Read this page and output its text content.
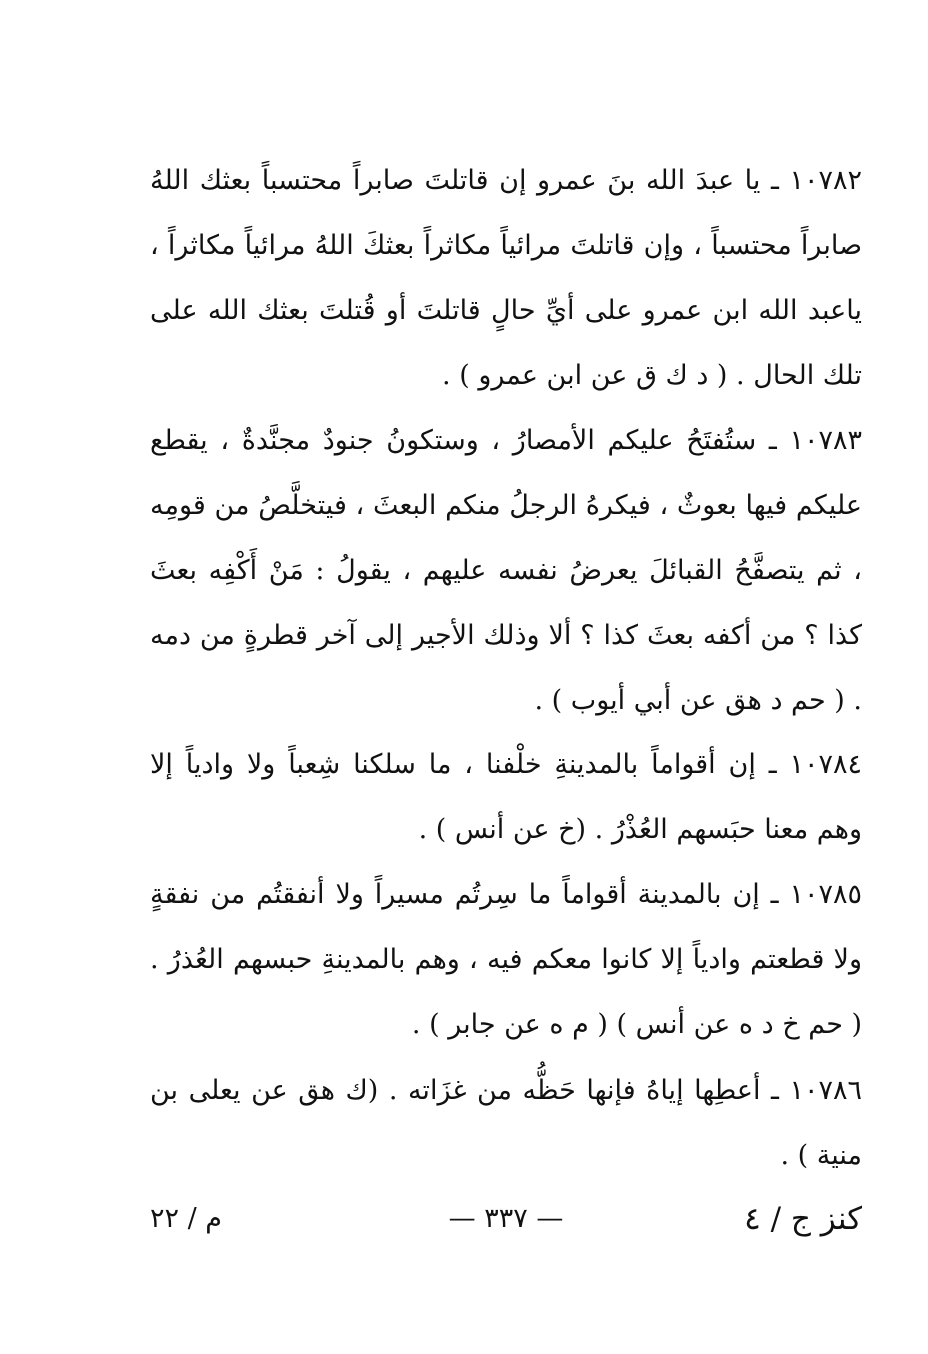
١٠٧٨٢ ـ يا عبدَ الله بنَ عمرو إن قاتلتَ صابراً محتسباً بعثك اللهُ صابراً محتسباً ، وإن قاتلتَ مرائياً مكاثراً بعثكَ اللهُ مرائياً مكاثراً ، ياعبد الله ابن عمرو على أيِّ حالٍ قاتلتَ أو قُتلتَ بعثك الله على تلك الحال . ( د ك ق عن ابن عمرو ) .

١٠٧٨٣ ـ ستُفتَحُ عليكم الأمصارُ ، وستكونُ جنودٌ مجنَّدةٌ ، يقطع عليكم فيها بعوثٌ ، فيكرهُ الرجلُ منكم البعثَ ، فيتخلَّصُ من قومِه ، ثم يتصفَّحُ القبائلَ يعرضُ نفسه عليهم ، يقولُ : مَنْ أَكْفِه بعثَ كذا ؟ من أكفه بعثَ كذا ؟ ألا وذلك الأجير إلى آخر قطرةٍ من دمه . ( حم د هق عن أبي أيوب ) .

١٠٧٨٤ ـ إن أقواماً بالمدينةِ خلْفنا ، ما سلكنا شِعباً ولا وادياً إلا وهم معنا حبَسهم العُذْرُ . (خ عن أنس ) .

١٠٧٨٥ ـ إن بالمدينة أقواماً ما سِرتُم مسيراً ولا أنفقتُم من نفقةٍ ولا قطعتم وادياً إلا كانوا معكم فيه ، وهم بالمدينةِ حبسهم العُذرُ . ( حم خ د ه عن أنس ) ( م ه عن جابر ) .

١٠٧٨٦ ـ أعطِها إياهُ فإنها حَظُّه من غزَاته . (ك هق عن يعلى بن منية ) .

كنز ج / ٤
— ٣٣٧ —
م / ٢٢
